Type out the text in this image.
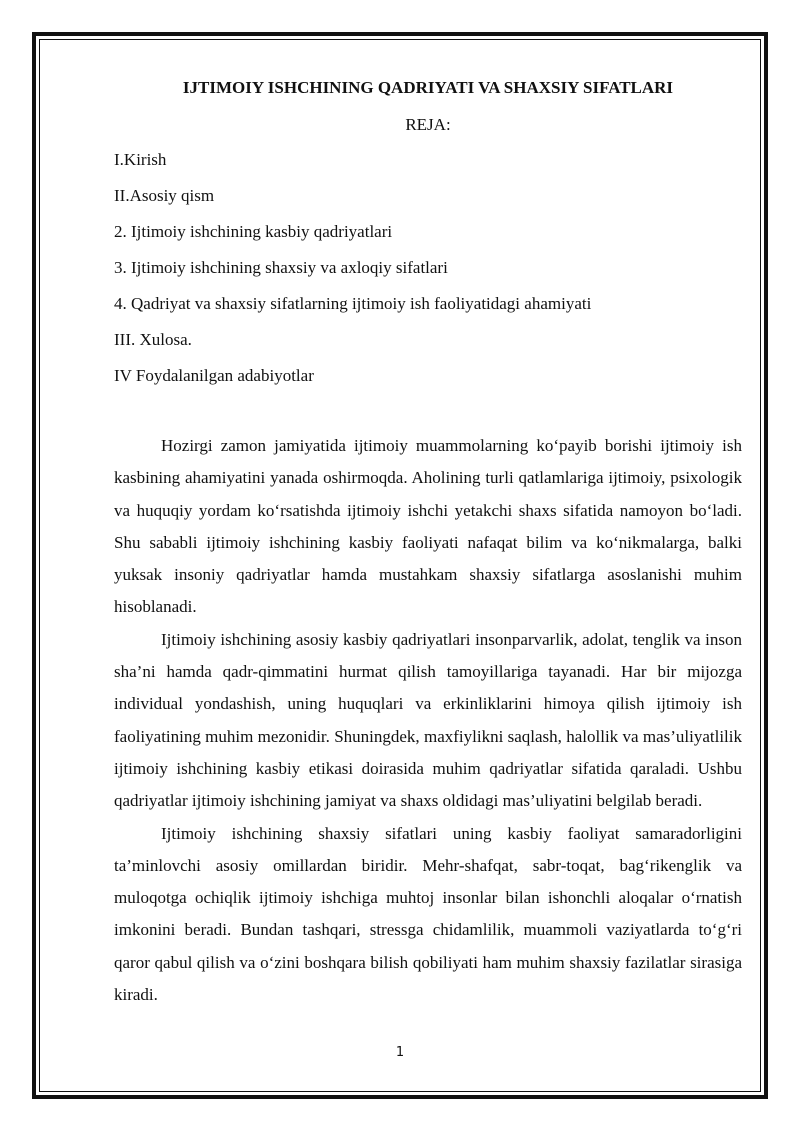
IJTIMOIY ISHCHINING QADRIYATI VA SHAXSIY SIFATLARI

REJA:

I.Kirish
II.Asosiy qism
2. Ijtimoiy ishchining kasbiy qadriyatlari
3. Ijtimoiy ishchining shaxsiy va axloqiy sifatlari
4. Qadriyat va shaxsiy sifatlarning ijtimoiy ish faoliyatidagi ahamiyati
III. Xulosa.
IV Foydalanilgan adabiyotlar

Hozirgi zamon jamiyatida ijtimoiy muammolarning ko‘payib borishi ijtimoiy ish kasbining ahamiyatini yanada oshirmoqda. Aholining turli qatlamlariga ijtimoiy, psixologik va huquqiy yordam ko‘rsatishda ijtimoiy ishchi yetakchi shaxs sifatida namoyon bo‘ladi. Shu sababli ijtimoiy ishchining kasbiy faoliyati nafaqat bilim va ko‘nikmalarga, balki yuksak insoniy qadriyatlar hamda mustahkam shaxsiy sifatlarga asoslanishi muhim hisoblanadi.

Ijtimoiy ishchining asosiy kasbiy qadriyatlari insonparvarlik, adolat, tenglik va inson sha’ni hamda qadr-qimmatini hurmat qilish tamoyillariga tayanadi. Har bir mijozga individual yondashish, uning huquqlari va erkinliklarini himoya qilish ijtimoiy ish faoliyatining muhim mezonidir. Shuningdek, maxfiylikni saqlash, halollik va mas’uliyatlilik ijtimoiy ishchining kasbiy etikasi doirasida muhim qadriyatlar sifatida qaraladi. Ushbu qadriyatlar ijtimoiy ishchining jamiyat va shaxs oldidagi mas’uliyatini belgilab beradi.

Ijtimoiy ishchining shaxsiy sifatlari uning kasbiy faoliyat samaradorligini ta’minlovchi asosiy omillardan biridir. Mehr-shafqat, sabr-toqat, bag‘rikenglik va muloqotga ochiqlik ijtimoiy ishchiga muhtoj insonlar bilan ishonchli aloqalar o‘rnatish imkonini beradi. Bundan tashqari, stressga chidamlilik, muammoli vaziyatlarda to‘g‘ri qaror qabul qilish va o‘zini boshqara bilish qobiliyati ham muhim shaxsiy fazilatlar sirasiga kiradi.

1
